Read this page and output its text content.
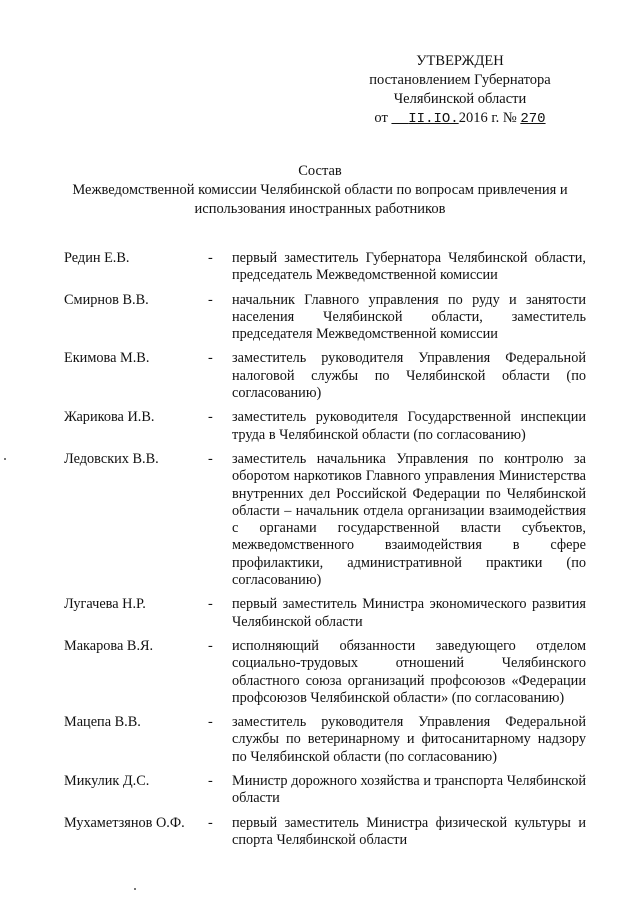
УТВЕРЖДЕН
постановлением Губернатора
Челябинской области
от II.IO.2016 г. № 270
Состав
Межведомственной комиссии Челябинской области по вопросам привлечения и
использования иностранных работников
Редин Е.В.	-	первый заместитель Губернатора Челябинской области, председатель Межведомственной комиссии
Смирнов В.В.	-	начальник Главного управления по руду и занятости населения Челябинской области, заместитель председателя Межведомственной комиссии
Екимова М.В.	-	заместитель руководителя Управления Федеральной налоговой службы по Челябинской области (по согласованию)
Жарикова И.В.	-	заместитель руководителя Государственной инспекции труда в Челябинской области (по согласованию)
Ледовских В.В.	-	заместитель начальника Управления по контролю за оборотом наркотиков Главного управления Министерства внутренних дел Российской Федерации по Челябинской области – начальник отдела организации взаимодействия с органами государственной власти субъектов, межведомственного взаимодействия в сфере профилактики, административной практики (по согласованию)
Лугачева Н.Р.	-	первый заместитель Министра экономического развития Челябинской области
Макарова В.Я.	-	исполняющий обязанности заведующего отделом социально-трудовых отношений Челябинского областного союза организаций профсоюзов «Федерации профсоюзов Челябинской области» (по согласованию)
Мацепа В.В.	-	заместитель руководителя Управления Федеральной службы по ветеринарному и фитосанитарному надзору по Челябинской области (по согласованию)
Микулик Д.С.	-	Министр дорожного хозяйства и транспорта Челябинской области
Мухаметзянов О.Ф.	-	первый заместитель Министра физической культуры и спорта Челябинской области
